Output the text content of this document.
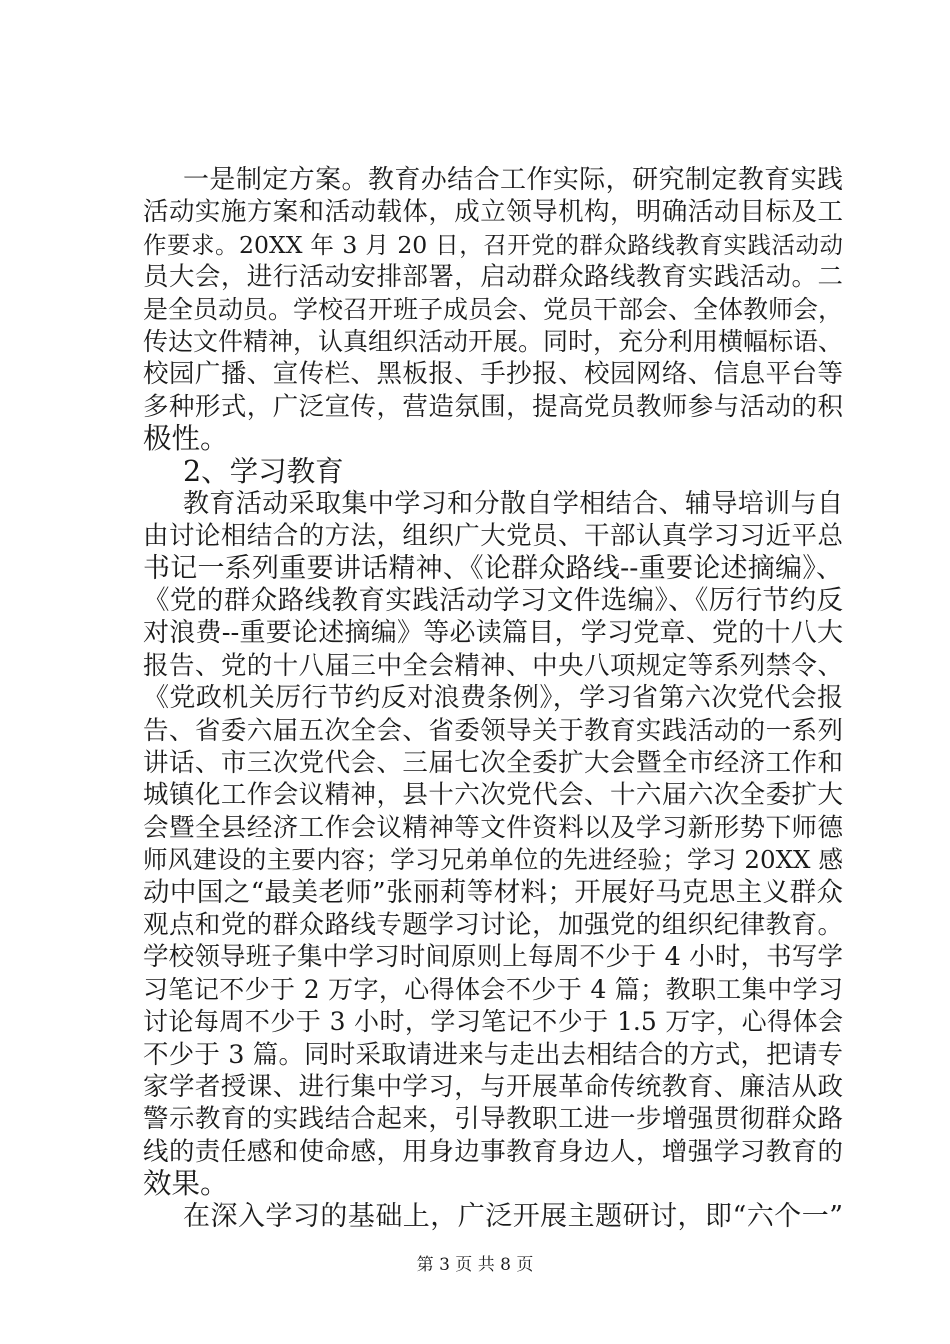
一是制定方案。教育办结合工作实际，研究制定教育实践
活动实施方案和活动载体，成立领导机构，明确活动目标及工
作要求。20XX 年 3 月 20 日，召开党的群众路线教育实践活动动
员大会，进行活动安排部署，启动群众路线教育实践活动。二
是全员动员。学校召开班子成员会、党员干部会、全体教师会，
传达文件精神，认真组织活动开展。同时，充分利用横幅标语、
校园广播、宣传栏、黑板报、手抄报、校园网络、信息平台等
多种形式，广泛宣传，营造氛围，提高党员教师参与活动的积
极性。
2、学习教育
教育活动采取集中学习和分散自学相结合、辅导培训与自
由讨论相结合的方法，组织广大党员、干部认真学习习近平总
书记一系列重要讲话精神、《论群众路线--重要论述摘编》、
《党的群众路线教育实践活动学习文件选编》、《厉行节约反
对浪费--重要论述摘编》等必读篇目，学习党章、党的十八大
报告、党的十八届三中全会精神、中央八项规定等系列禁令、
《党政机关厉行节约反对浪费条例》，学习省第六次党代会报
告、省委六届五次全会、省委领导关于教育实践活动的一系列
讲话、市三次党代会、三届七次全委扩大会暨全市经济工作和
城镇化工作会议精神，县十六次党代会、十六届六次全委扩大
会暨全县经济工作会议精神等文件资料以及学习新形势下师德
师风建设的主要内容；学习兄弟单位的先进经验；学习 20XX 感
动中国之“最美老师”张丽莉等材料；开展好马克思主义群众
观点和党的群众路线专题学习讨论，加强党的组织纪律教育。
学校领导班子集中学习时间原则上每周不少于 4 小时，书写学
习笔记不少于 2 万字，心得体会不少于 4 篇；教职工集中学习
讨论每周不少于 3 小时，学习笔记不少于 1.5 万字，心得体会
不少于 3 篇。同时采取请进来与走出去相结合的方式，把请专
家学者授课、进行集中学习，与开展革命传统教育、廉洁从政
警示教育的实践结合起来，引导教职工进一步增强贯彻群众路
线的责任感和使命感，用身边事教育身边人，增强学习教育的
效果。
在深入学习的基础上，广泛开展主题研讨，即“六个一”
第 3 页 共 8 页
